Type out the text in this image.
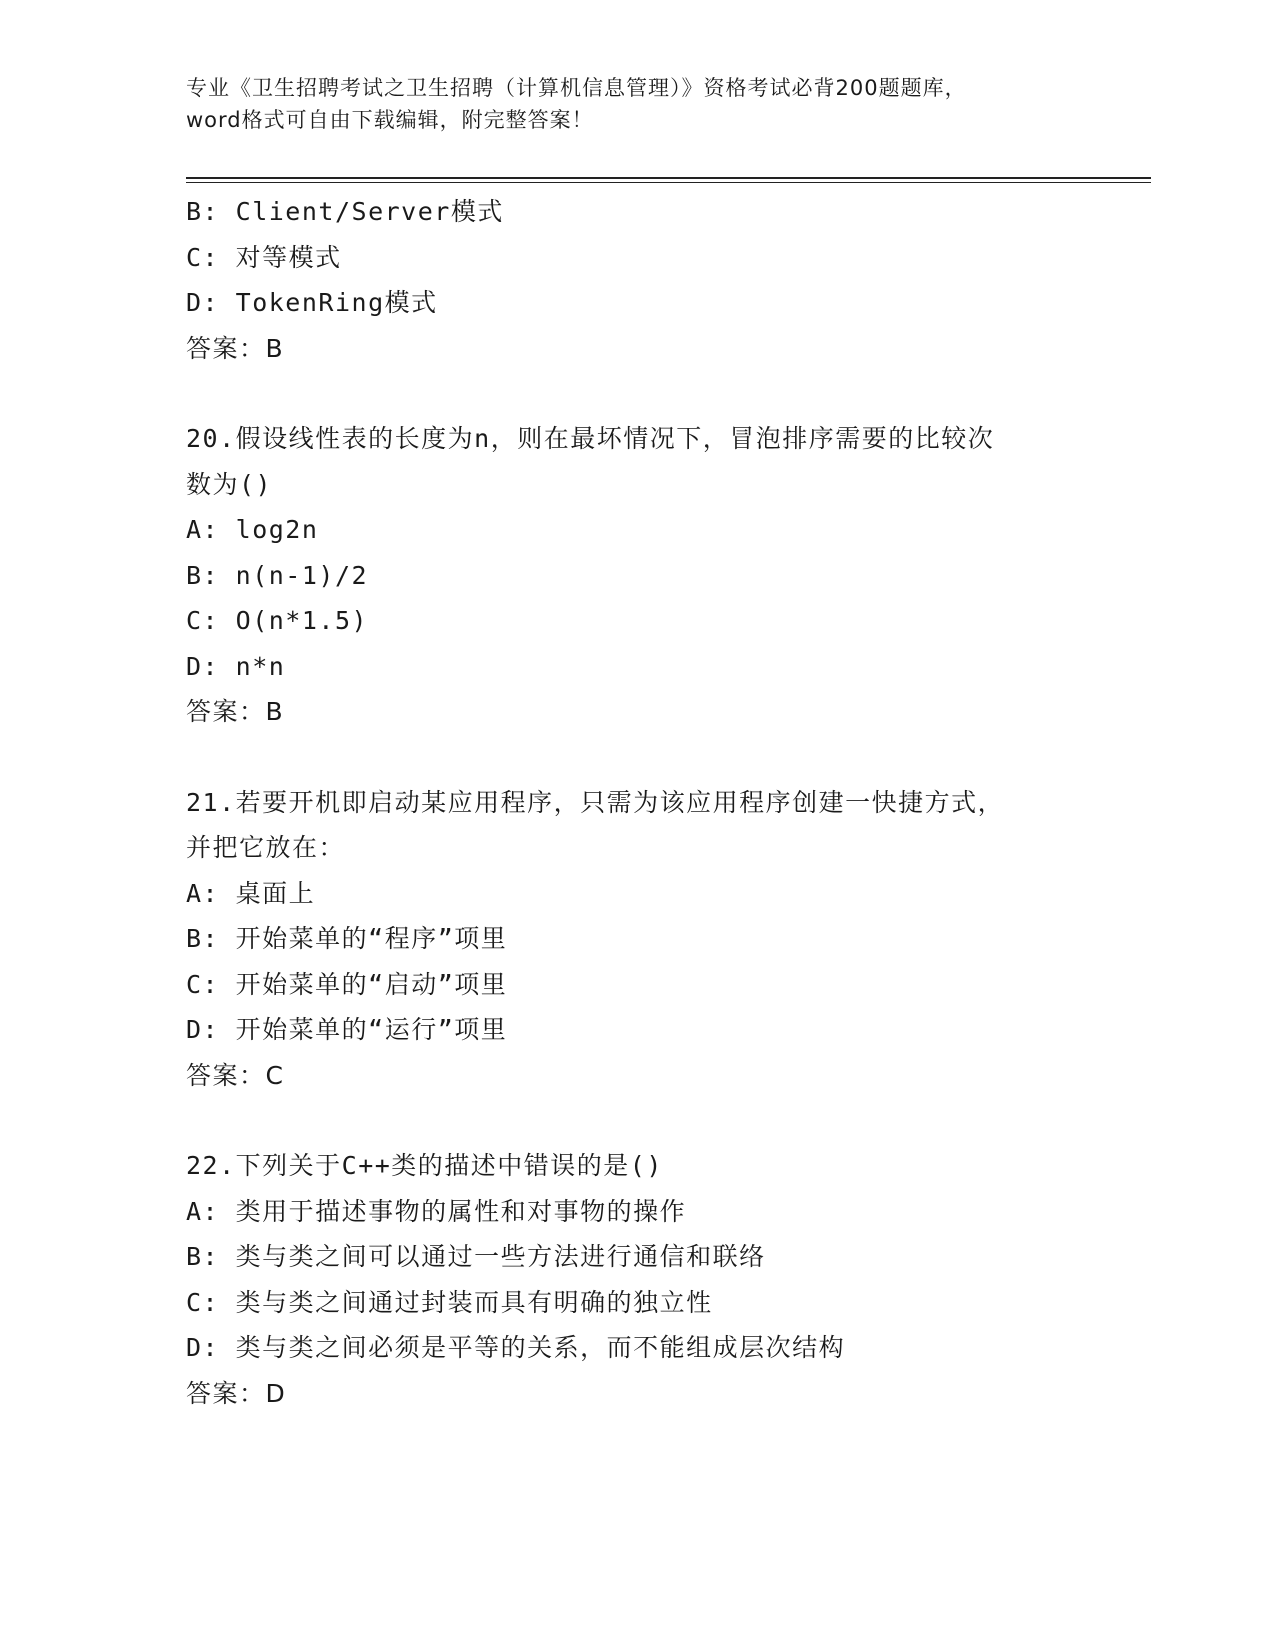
专业《卫生招聘考试之卫生招聘（计算机信息管理）》资格考试必背200题题库，
word格式可自由下载编辑，附完整答案！
B: Client/Server模式
C: 对等模式
D: TokenRing模式
答案：B
20.假设线性表的长度为n，则在最坏情况下，冒泡排序需要的比较次
数为()
A: log2n
B: n(n-1)/2
C: O(n*1.5)
D: n*n
答案：B
21.若要开机即启动某应用程序，只需为该应用程序创建一快捷方式，
并把它放在：
A: 桌面上
B: 开始菜单的“程序”项里
C: 开始菜单的“启动”项里
D: 开始菜单的“运行”项里
答案：C
22.下列关于C++类的描述中错误的是()
A: 类用于描述事物的属性和对事物的操作
B: 类与类之间可以通过一些方法进行通信和联络
C: 类与类之间通过封装而具有明确的独立性
D: 类与类之间必须是平等的关系，而不能组成层次结构
答案：D
